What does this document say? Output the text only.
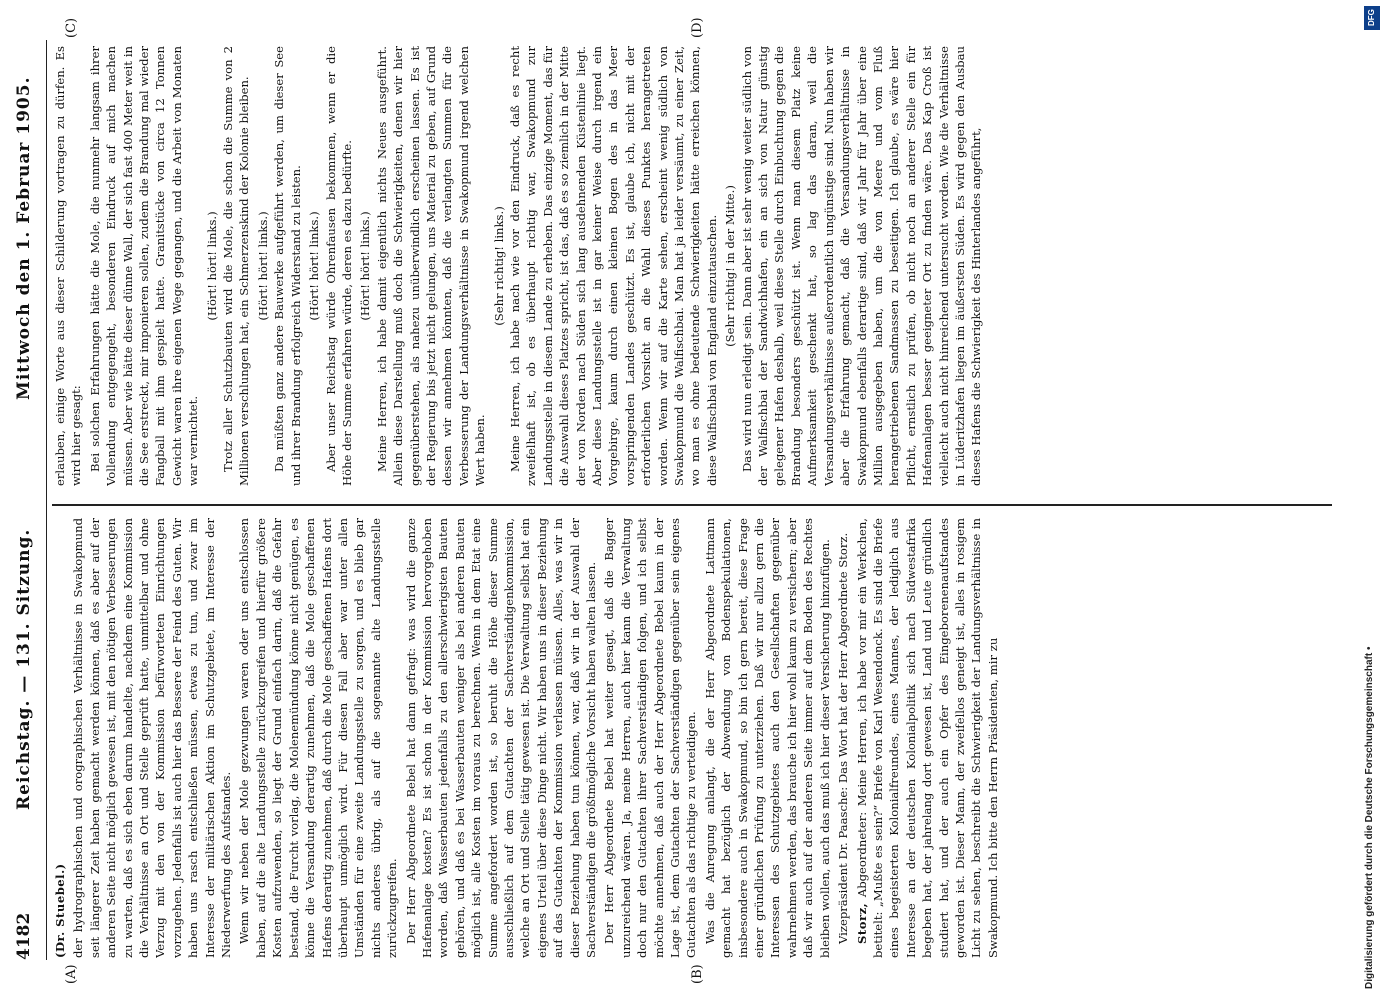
4182
Reichstag. — 131. Sitzung.
Mittwoch den 1. Februar 1905.
(A)	(B)
(C)	(D)

(Dr. Stuebel.) der hydrographischen und orographischen Verhältnisse in Swakopmund seit längerer Zeit haben gemacht werden können, daß es aber auf der anderen Seite nicht möglich gewesen ist, mit den nötigen Verbesserungen zu warten, daß es sich eben darum handelte, nachdem eine Kommission die Verhältnisse an Ort und Stelle geprüft hatte, unmittelbar und ohne Verzug mit den von der Kommission befürworteten Einrichtungen vorzugehen. Jedenfalls ist auch hier das Bessere der Feind des Guten. Wir haben uns rasch entschließen müssen, etwas zu tun, und zwar im Interesse der militärischen Aktion im Schutzgebiete, im Interesse der Niederwerfung des Aufstandes. Wenn wir neben der Mole gezwungen waren oder uns entschlossen haben, auf die alte Landungsstelle zurückzugreifen und hierfür größere Kosten aufzuwenden, so liegt der Grund einfach darin, daß die Gefahr bestand, die Furcht vorlag, die Molenemündung könne nicht genügen, es könne die Versandung derartig zunehmen, daß die Mole geschaffenen Hafens derartig zunehmen, daß durch die Mole geschaffenen Hafens dort überhaupt unmöglich wird. Für diesen Fall aber war unter allen Umständen für eine zweite Landungsstelle zu sorgen, und es blieb gar nichts anderes übrig, als auf die sogenannte alte Landungsstelle zurückzugreifen. Der Herr Abgeordnete Bebel hat dann gefragt: was wird die ganze Hafenanlage kosten? Es ist schon in der Kommission hervorgehoben worden, daß Wasserbauten jedenfalls zu den allerschwierigsten Bauten gehören, und daß es bei Wasserbauten weniger als bei anderen Bauten möglich ist, alle Kosten im voraus zu berechnen. Wenn in dem Etat eine Summe angefordert worden ist, so beruht die Höhe dieser Summe ausschließlich auf dem Gutachten der Sachverständigenkommission, welche an Ort und Stelle tätig gewesen ist. Die Verwaltung selbst hat ein eigenes Urteil über diese Dinge nicht. Wir haben uns in dieser Beziehung auf das Gutachten der Kommission verlassen müssen. Alles, was wir in dieser Beziehung haben tun können, war, daß wir in der Auswahl der Sachverständigen die größtmögliche Vorsicht haben walten lassen. Der Herr Abgeordnete Bebel hat weiter gesagt, daß die Bagger unzureichend wären. Ja, meine Herren, auch hier kann die Verwaltung doch nur den Gutachten ihrer Sachverständigen folgen, und ich selbst möchte annehmen, daß auch der Herr Abgeordnete Bebel kaum in der Lage ist, dem Gutachten der Sachverständigen gegenüber sein eigenes Gutachten als das richtige zu verteidigen. Was die Anregung anlangt, die der Herr Abgeordnete Lattmann gemacht hat bezüglich der Abwendung von Bodenspekulationen, insbesondere auch in Swakopmund, so bin ich gern bereit, diese Frage einer gründlichen Prüfung zu unterziehen. Daß wir nur allzu gern die Interessen des Schutzgebietes auch den Gesellschaften gegenüber wahrnehmen werden, das brauche ich hier wohl kaum zu versichern; aber daß wir auch auf der anderen Seite immer auf dem Boden des Rechtes bleiben wollen, auch das muß ich hier dieser Versicherung hinzufügen. Vizepräsident Dr. Paasche: Das Wort hat der Herr Abgeordnete Storz. Storz, Abgeordneter: Meine Herren, ich habe vor mir ein Werkchen, betitelt: „Mußte es sein?“ Briefe von Karl Wesendonck. Es sind die Briefe eines begeisterten Kolonialfreundes, eines Mannes, der lediglich aus Interesse an der deutschen Kolonialpolitik sich nach Südwestafrika begeben hat, der jahrelang dort gewesen ist, Land und Leute gründlich studiert hat, und der auch ein Opfer des Eingeborenenaufstandes geworden ist. Dieser Mann, der zweifellos geneigt ist, alles in rosigem Licht zu sehen, beschreibt die Schwierigkeit der Landungsverhältnisse in Swakopmund. Ich bitte den Herrn Präsidenten, mir zu

erlauben, einige Worte aus dieser Schilderung vortragen zu dürfen. Es wird hier gesagt: Bei solchen Erfahrungen hätte die Mole, die nunmehr langsam ihrer Vollendung entgegengeht, besonderen Eindruck auf mich machen müssen. Aber wie hätte dieser dünne Wall, der sich fast 400 Meter weit in die See erstreckt, mir imponieren sollen, zudem die Brandung mal wieder Fangball mit ihm gespielt hatte. Granitstücke von circa 12 Tonnen Gewicht waren ihre eigenen Wege gegangen, und die Arbeit von Monaten war vernichtet.

(Hört! hört! links.) Trotz aller Schutzbauten wird die Mole, die schon die Summe von 2 Millionen verschlungen hat, ein Schmerzenskind der Kolonie bleiben. (Hört! hört! links.) Da müßten ganz andere Bauwerke aufgeführt werden, um dieser See und ihrer Brandung erfolgreich Widerstand zu leisten. (Hört! hört! links.) Aber unser Reichstag würde Ohrenfausen bekommen, wenn er die Höhe der Summe erfahren würde, deren es dazu bedürfte. (Hört! hört! links.) Meine Herren, ich habe damit eigentlich nichts Neues ausgeführt. Allein diese Darstellung muß doch die Schwierigkeiten, denen wir hier gegenüberstehen, als nahezu unüberwindlich erscheinen lassen. Es ist der Regierung bis jetzt nicht gelungen, uns Material zu geben, auf Grund dessen wir annehmen könnten, daß die verlangten Summen für die Verbesserung der Landungsverhältnisse in Swakopmund irgend welchen Wert haben.

(Sehr richtig! links.) Meine Herren, ich habe nach wie vor den Eindruck, daß es recht zweifelhaft ist, ob es überhaupt richtig war, Swakopmund zur Landungsstelle in diesem Lande zu erheben. Das einzige Moment, das für die Auswahl dieses Platzes spricht, ist das, daß es so ziemlich in der Mitte der von Norden nach Süden sich lang ausdehnenden Küstenlinie liegt. Aber diese Landungsstelle ist in gar keiner Weise durch irgend ein Vorgebirge, kaum durch einen kleinen Bogen des in das Meer vorspringenden Landes geschützt. Es ist, glaube ich, nicht mit der erforderlichen Vorsicht an die Wahl dieses Punktes herangetreten worden. Wenn wir auf die Karte sehen, erscheint wenig südlich von Swakopmund die Walfischbai. Man hat ja leider versäumt, zu einer Zeit, wo man es ohne bedeutende Schwierigkeiten hätte erreichen können, diese Walfischbai von England einzutauschen. (Sehr richtig! in der Mitte.) Das wird nun erledigt sein. Dann aber ist sehr wenig weiter südlich von der Walfischbai der Sandwichhafen, ein an sich von Natur günstig gelegener Hafen deshalb, weil diese Stelle durch Einbuchtung gegen die Brandung besonders geschützt ist. Wenn man diesem Platz keine Aufmerksamkeit geschenkt hat, so lag das daran, weil die Versandungsverhältnisse außerordentlich ungünstige sind. Nun haben wir aber die Erfahrung gemacht, daß die Versandungsverhältnisse in Swakopmund ebenfalls derartige sind, daß wir Jahr für Jahr über eine Million ausgegeben haben, um die von Meere und vom Fluß herangetriebenen Sandmassen zu beseitigen. Ich glaube, es wäre hier Pflicht, ernstlich zu prüfen, ob nicht noch an anderer Stelle ein für Hafenanlagen besser geeigneter Ort zu finden wäre. Das Kap Croß ist vielleicht auch nicht hinreichend untersucht worden. Wie die Verhältnisse in Lüderitzhafen liegen im äußersten Süden. Es wird gegen den Ausbau dieses Hafens die Schwierigkeit des Hinterlandes angeführt,

Digitalisierung gefördert durch die Deutsche Forschungsgemeinschaft •
DFG
